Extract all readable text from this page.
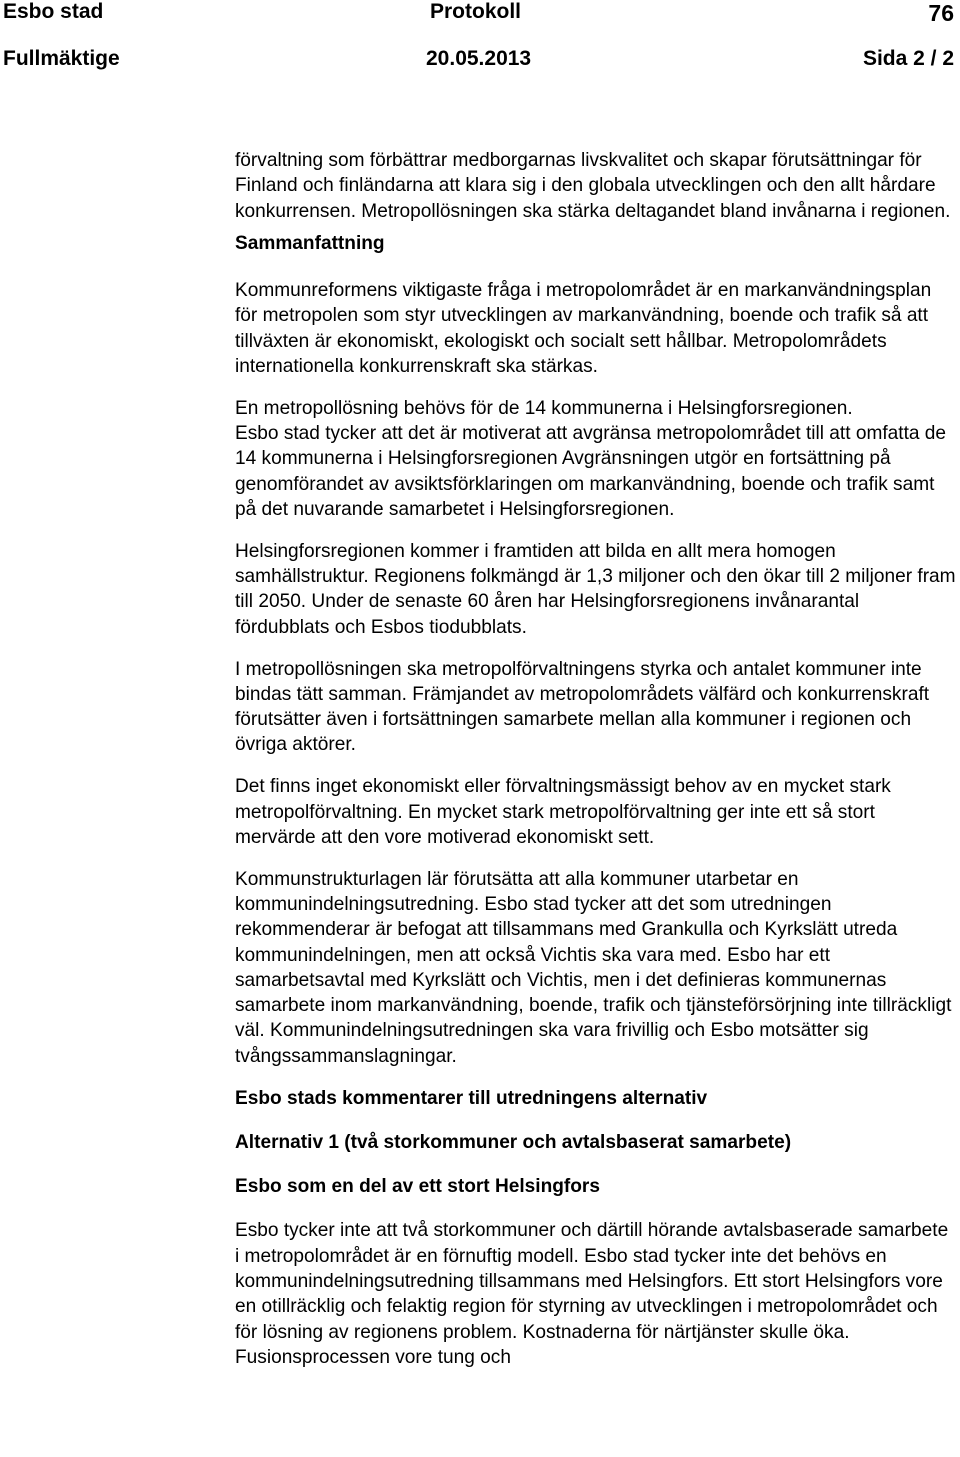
Esbo stad	Protokoll	76
Fullmäktige	20.05.2013	Sida 2 / 2

förvaltning som förbättrar medborgarnas livskvalitet och skapar förutsättningar för Finland och finländarna att klara sig i den globala utvecklingen och den allt hårdare konkurrensen. Metropollösningen ska stärka deltagandet bland invånarna i regionen.

Sammanfattning

Kommunreformens viktigaste fråga i metropolområdet är en markanvändningsplan för metropolen som styr utvecklingen av markanvändning, boende och trafik så att tillväxten är ekonomiskt, ekologiskt och socialt sett hållbar. Metropolområdets internationella konkurrenskraft ska stärkas.

En metropollösning behövs för de 14 kommunerna i Helsingforsregionen.

Esbo stad tycker att det är motiverat att avgränsa metropolområdet till att omfatta de 14 kommunerna i Helsingforsregionen Avgränsningen utgör en fortsättning på genomförandet av avsiktsförklaringen om markanvändning, boende och trafik samt på det nuvarande samarbetet i Helsingforsregionen.

Helsingforsregionen kommer i framtiden att bilda en allt mera homogen samhällstruktur. Regionens folkmängd är 1,3 miljoner och den ökar till 2 miljoner fram till 2050. Under de senaste 60 åren har Helsingforsregionens invånarantal fördubblats och Esbos tiodubblats.

I metropollösningen ska metropolförvaltningens styrka och antalet kommuner inte bindas tätt samman. Främjandet av metropolområdets välfärd och konkurrenskraft förutsätter även i fortsättningen samarbete mellan alla kommuner i regionen och övriga aktörer.

Det finns inget ekonomiskt eller förvaltningsmässigt behov av en mycket stark metropolförvaltning. En mycket stark metropolförvaltning ger inte ett så stort mervärde att den vore motiverad ekonomiskt sett.

Kommunstrukturlagen lär förutsätta att alla kommuner utarbetar en kommunindelningsutredning. Esbo stad tycker att det som utredningen rekommenderar är befogat att tillsammans med Grankulla och Kyrkslätt utreda kommunindelningen, men att också Vichtis ska vara med. Esbo har ett samarbetsavtal med Kyrkslätt och Vichtis, men i det definieras kommunernas samarbete inom markanvändning, boende, trafik och tjänsteförsörjning inte tillräckligt väl. Kommunindelningsutredningen ska vara frivillig och Esbo motsätter sig tvångssammanslagningar.

Esbo stads kommentarer till utredningens alternativ
Alternativ 1 (två storkommuner och avtalsbaserat samarbete)
Esbo som en del av ett stort Helsingfors

Esbo tycker inte att två storkommuner och därtill hörande avtalsbaserade samarbete i metropolområdet är en förnuftig modell. Esbo stad tycker inte det behövs en kommunindelningsutredning tillsammans med Helsingfors. Ett stort Helsingfors vore en otillräcklig och felaktig region för styrning av utvecklingen i metropolområdet och för lösning av regionens problem. Kostnaderna för närtjänster skulle öka. Fusionsprocessen vore tung och
